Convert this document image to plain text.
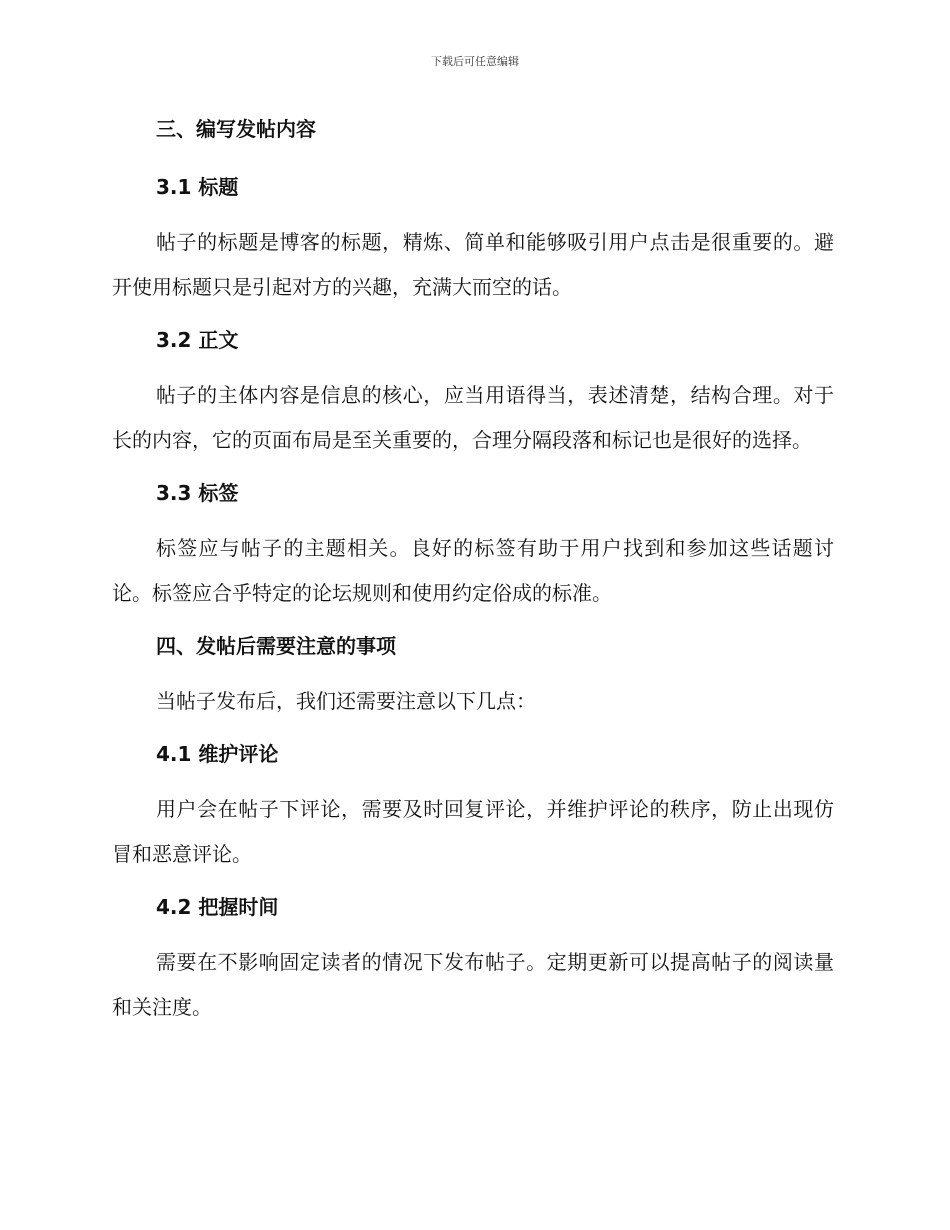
下载后可任意编辑
三、编写发帖内容
3.1 标题

帖子的标题是博客的标题，精炼、简单和能够吸引用户点击是很重要的。避开使用标题只是引起对方的兴趣，充满大而空的话。

3.2 正文

帖子的主体内容是信息的核心，应当用语得当，表述清楚，结构合理。对于长的内容，它的页面布局是至关重要的，合理分隔段落和标记也是很好的选择。

3.3 标签

标签应与帖子的主题相关。良好的标签有助于用户找到和参加这些话题讨论。标签应合乎特定的论坛规则和使用约定俗成的标准。

四、发帖后需要注意的事项

当帖子发布后，我们还需要注意以下几点：

4.1 维护评论

用户会在帖子下评论，需要及时回复评论，并维护评论的秩序，防止出现仿冒和恶意评论。

4.2 把握时间

需要在不影响固定读者的情况下发布帖子。定期更新可以提高帖子的阅读量和关注度。
